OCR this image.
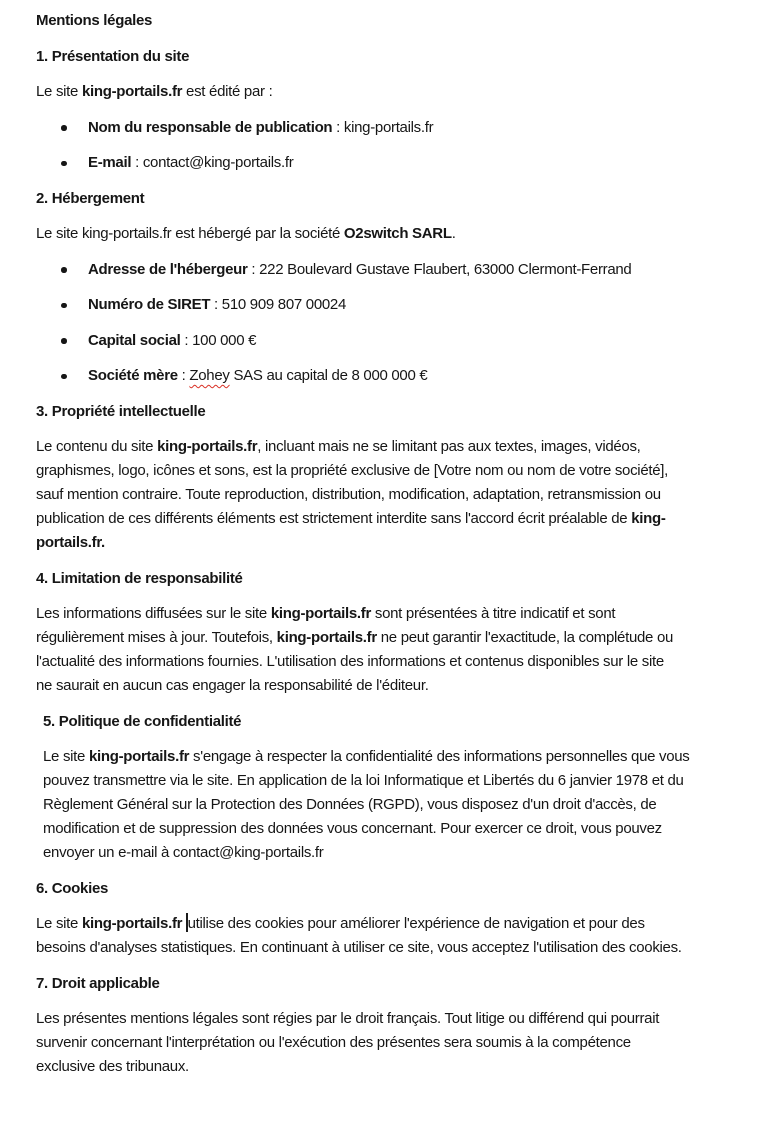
Mentions légales
1. Présentation du site
Le site king-portails.fr est édité par :
Nom du responsable de publication : king-portails.fr
E-mail : contact@king-portails.fr
2. Hébergement
Le site king-portails.fr est hébergé par la société O2switch SARL.
Adresse de l'hébergeur : 222 Boulevard Gustave Flaubert, 63000 Clermont-Ferrand
Numéro de SIRET : 510 909 807 00024
Capital social : 100 000 €
Société mère : Zohey SAS au capital de 8 000 000 €
3. Propriété intellectuelle
Le contenu du site king-portails.fr, incluant mais ne se limitant pas aux textes, images, vidéos,
graphismes, logo, icônes et sons, est la propriété exclusive de [Votre nom ou nom de votre société],
sauf mention contraire. Toute reproduction, distribution, modification, adaptation, retransmission ou
publication de ces différents éléments est strictement interdite sans l'accord écrit préalable de king-
portails.fr.
4. Limitation de responsabilité
Les informations diffusées sur le site king-portails.fr sont présentées à titre indicatif et sont
régulièrement mises à jour. Toutefois, king-portails.fr ne peut garantir l'exactitude, la complétude ou
l'actualité des informations fournies. L'utilisation des informations et contenus disponibles sur le site
ne saurait en aucun cas engager la responsabilité de l'éditeur.
5. Politique de confidentialité
Le site king-portails.fr s'engage à respecter la confidentialité des informations personnelles que vous
pouvez transmettre via le site. En application de la loi Informatique et Libertés du 6 janvier 1978 et du
Règlement Général sur la Protection des Données (RGPD), vous disposez d'un droit d'accès, de
modification et de suppression des données vous concernant. Pour exercer ce droit, vous pouvez
envoyer un e-mail à contact@king-portails.fr
6. Cookies
Le site king-portails.fr utilise des cookies pour améliorer l'expérience de navigation et pour des
besoins d'analyses statistiques. En continuant à utiliser ce site, vous acceptez l'utilisation des cookies.
7. Droit applicable
Les présentes mentions légales sont régies par le droit français. Tout litige ou différend qui pourrait
survenir concernant l'interprétation ou l'exécution des présentes sera soumis à la compétence
exclusive des tribunaux.
